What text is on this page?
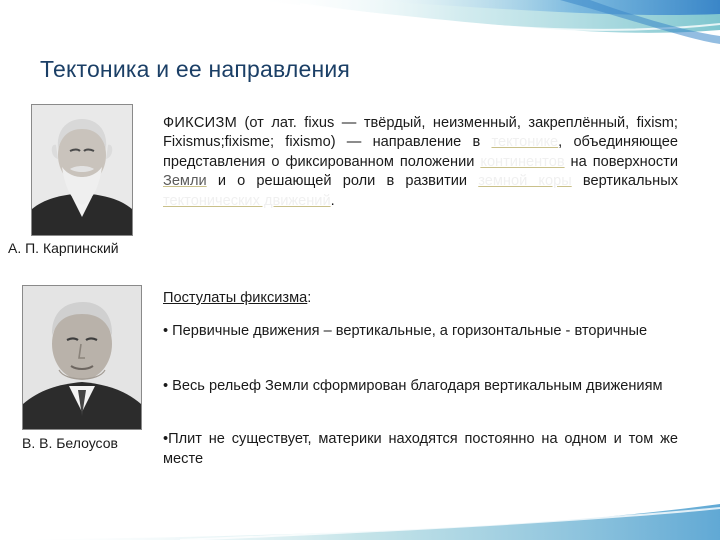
Тектоника и ее направления
А. П. Карпинский

ФИКСИЗМ (от лат. fixus — твёрдый, неизменный, закреплённый, fixism; Fixismus;fixisme; fixismo) — направление в тектонике, объединяющее представления о фиксированном положении континентов на поверхности Земли и о решающей роли в развитии земной коры вертикальных тектонических движений.

Постулаты фиксизма:

• Первичные движения – вертикальные, а горизонтальные - вторичные

• Весь рельеф Земли сформирован благодаря вертикальным движениям

В. В. Белоусов	•Плит не существует, материки находятся постоянно на одном и том же месте
